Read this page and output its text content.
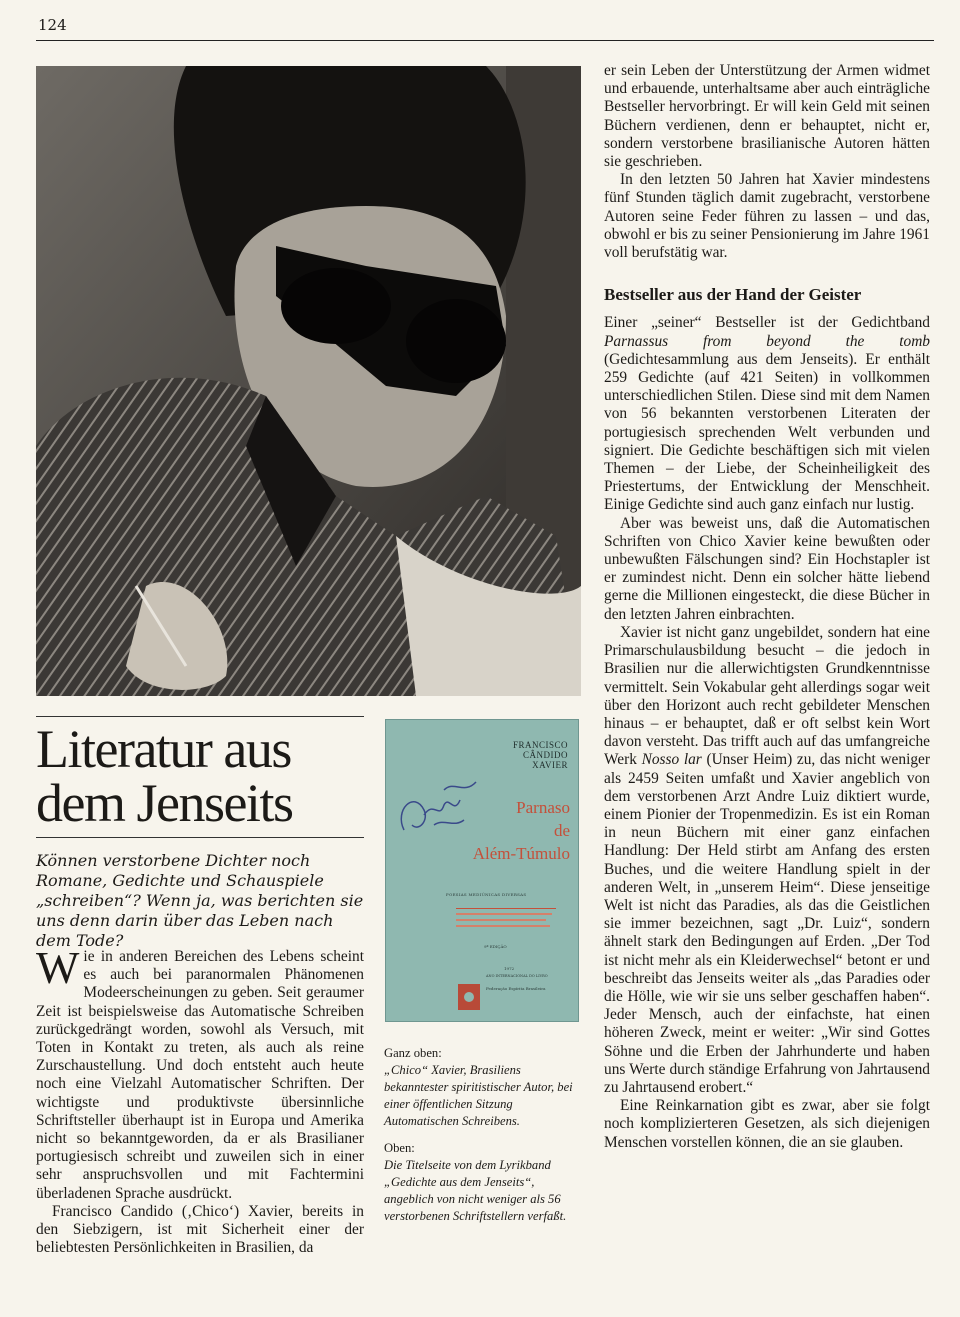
124
Literatur aus
dem Jenseits

Können verstorbene Dichter noch Romane, Gedichte und Schauspiele „schreiben“? Wenn ja, was berichten sie uns denn darin über das Leben nach dem Tode?

Wie in anderen Bereichen des Lebens scheint es auch bei paranormalen Phänomenen Modeerscheinungen zu geben. Seit geraumer Zeit ist beispielsweise das Automatische Schreiben zurückgedrängt worden, sowohl als Versuch, mit Toten in Kontakt zu treten, als auch als reine Zurschaustellung. Und doch entsteht auch heute noch eine Vielzahl Automatischer Schriften. Der wichtigste und produktivste übersinnliche Schriftsteller überhaupt ist in Europa und Amerika nicht so bekanntgeworden, da er als Brasilianer portugiesisch schreibt und zuweilen sich in einer sehr anspruchsvollen und mit Fachtermini überladenen Sprache ausdrückt.

Francisco Candido (‚Chico‘) Xavier, bereits in den Siebzigern, ist mit Sicherheit einer der beliebtesten Persönlichkeiten in Brasilien, da

FRANCISCO
CÂNDIDO
XAVIER
Parnaso
de
Além-Túmulo
POESIAS MEDIÚNICAS DIVERSAS
9ª EDIÇÃO
1972
ANO INTERNACIONAL DO LIVRO
Federação Espírita Brasileira
Ganz oben:
„Chico“ Xavier, Brasiliens bekanntester spiritistischer Autor, bei einer öffentlichen Sitzung Automatischen Schreibens.
Oben:
Die Titelseite von dem Lyrikband „Gedichte aus dem Jenseits“, angeblich von nicht weniger als 56 verstorbenen Schriftstellern verfaßt.

er sein Leben der Unterstützung der Armen widmet und erbauende, unterhaltsame aber auch einträgliche Bestseller hervorbringt. Er will kein Geld mit seinen Büchern verdienen, denn er behauptet, nicht er, sondern verstorbene brasilianische Autoren hätten sie geschrieben.

In den letzten 50 Jahren hat Xavier mindestens fünf Stunden täglich damit zugebracht, verstorbene Autoren seine Feder führen zu lassen – und das, obwohl er bis zu seiner Pensionierung im Jahre 1961 voll berufstätig war.

Bestseller aus der Hand der Geister

Einer „seiner“ Bestseller ist der Gedichtband Parnassus from beyond the tomb (Gedichtesammlung aus dem Jenseits). Er enthält 259 Gedichte (auf 421 Seiten) in vollkommen unterschiedlichen Stilen. Diese sind mit dem Namen von 56 bekannten verstorbenen Literaten der portugiesisch sprechenden Welt verbunden und signiert. Die Gedichte beschäftigen sich mit vielen Themen – der Liebe, der Scheinheiligkeit des Priestertums, der Entwicklung der Menschheit. Einige Gedichte sind auch ganz einfach nur lustig.

Aber was beweist uns, daß die Automatischen Schriften von Chico Xavier keine bewußten oder unbewußten Fälschungen sind? Ein Hochstapler ist er zumindest nicht. Denn ein solcher hätte liebend gerne die Millionen eingesteckt, die diese Bücher in den letzten Jahren einbrachten.

Xavier ist nicht ganz ungebildet, sondern hat eine Primarschulausbildung besucht – die jedoch in Brasilien nur die allerwichtigsten Grundkenntnisse vermittelt. Sein Vokabular geht allerdings sogar weit über den Horizont auch recht gebildeter Menschen hinaus – er behauptet, daß er oft selbst kein Wort davon versteht. Das trifft auch auf das umfangreiche Werk Nosso lar (Unser Heim) zu, das nicht weniger als 2459 Seiten umfaßt und Xavier angeblich von dem verstorbenen Arzt Andre Luiz diktiert wurde, einem Pionier der Tropenmedizin. Es ist ein Roman in neun Büchern mit einer ganz einfachen Handlung: Der Held stirbt am Anfang des ersten Buches, und die weitere Handlung spielt in der anderen Welt, in „unserem Heim“. Diese jenseitige Welt ist nicht das Paradies, als das die Geistlichen sie immer bezeichnen, sagt „Dr. Luiz“, sondern ähnelt stark den Bedingungen auf Erden. „Der Tod ist nicht mehr als ein Kleiderwechsel“ betont er und beschreibt das Jenseits weiter als „das Paradies oder die Hölle, wie wir sie uns selber geschaffen haben“. Jeder Mensch, auch der einfachste, hat einen höheren Zweck, meint er weiter: „Wir sind Gottes Söhne und die Erben der Jahrhunderte und haben uns Werte durch ständige Erfahrung von Jahrtausend zu Jahrtausend erobert.“

Eine Reinkarnation gibt es zwar, aber sie folgt noch komplizierteren Gesetzen, als sich diejenigen Menschen vorstellen können, die an sie glauben.
